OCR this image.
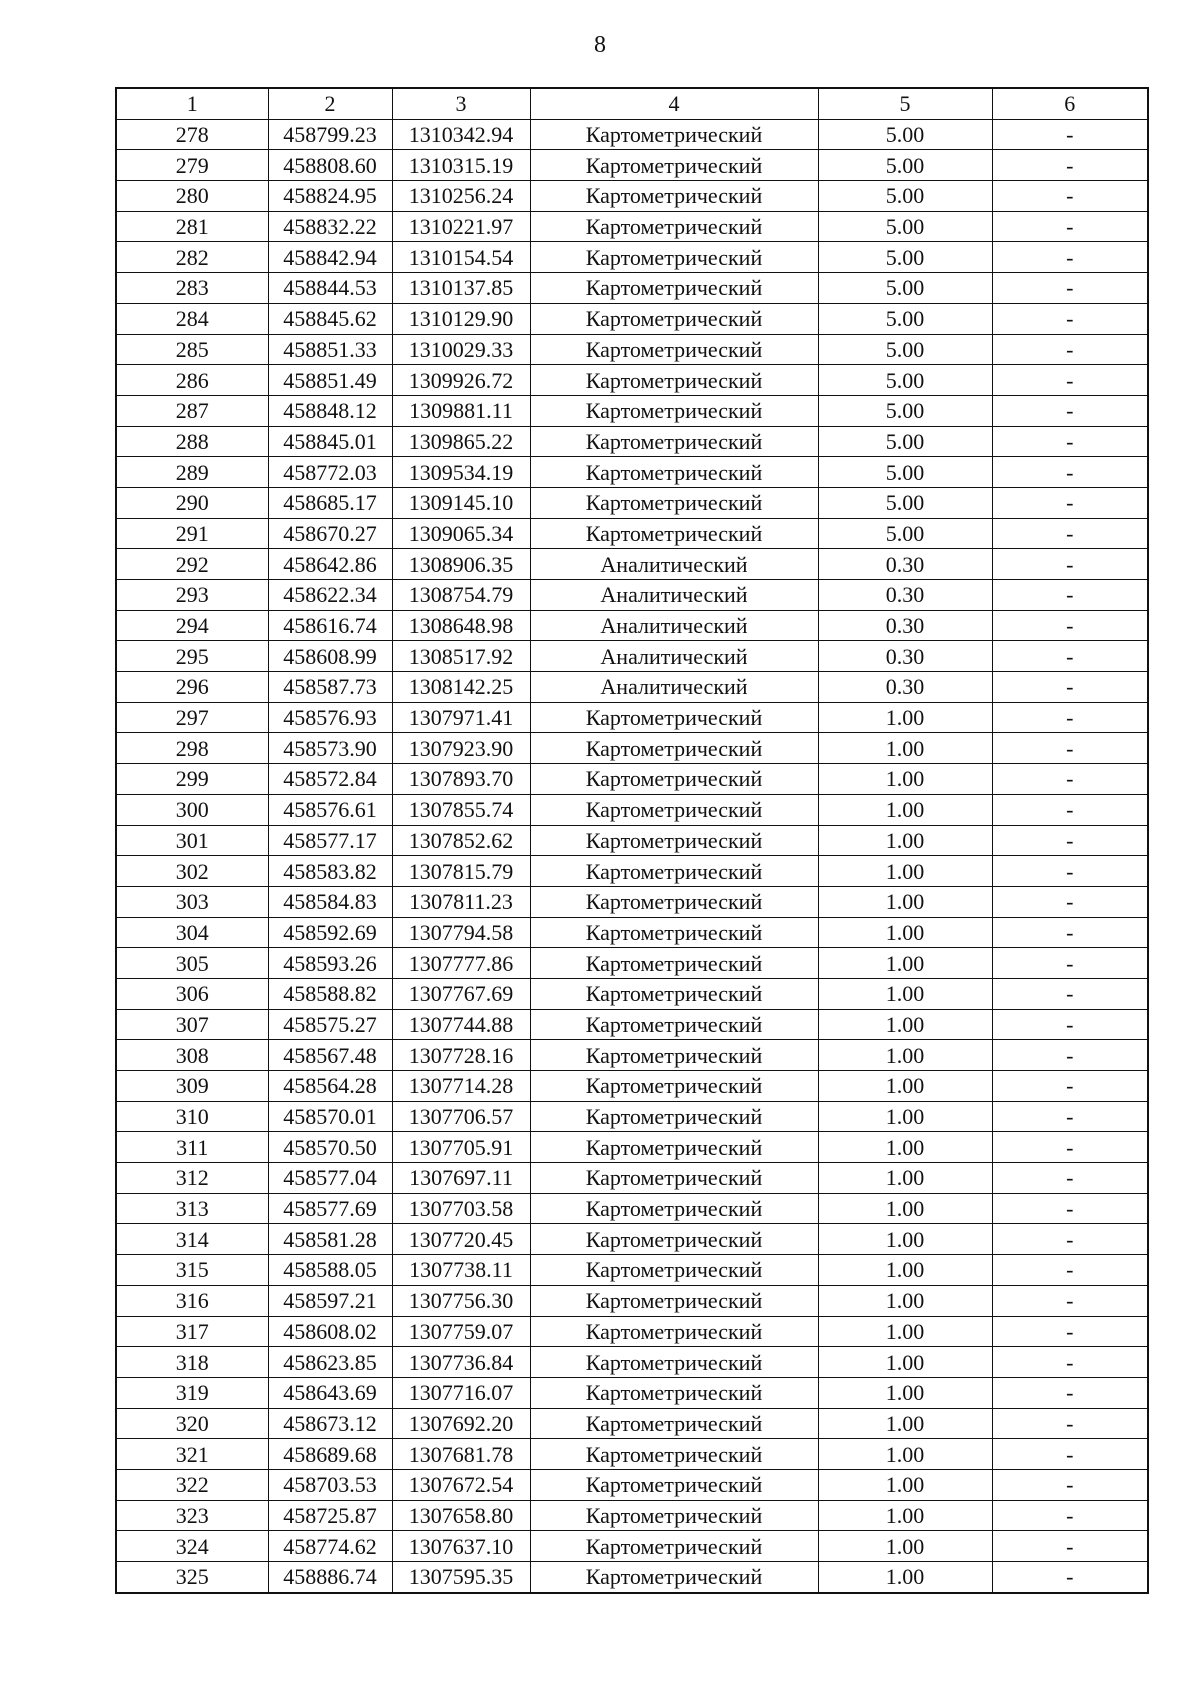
8
1	2	3	4	5	6
278	458799.23	1310342.94	Картометрический	5.00	-
279	458808.60	1310315.19	Картометрический	5.00	-
280	458824.95	1310256.24	Картометрический	5.00	-
281	458832.22	1310221.97	Картометрический	5.00	-
282	458842.94	1310154.54	Картометрический	5.00	-
283	458844.53	1310137.85	Картометрический	5.00	-
284	458845.62	1310129.90	Картометрический	5.00	-
285	458851.33	1310029.33	Картометрический	5.00	-
286	458851.49	1309926.72	Картометрический	5.00	-
287	458848.12	1309881.11	Картометрический	5.00	-
288	458845.01	1309865.22	Картометрический	5.00	-
289	458772.03	1309534.19	Картометрический	5.00	-
290	458685.17	1309145.10	Картометрический	5.00	-
291	458670.27	1309065.34	Картометрический	5.00	-
292	458642.86	1308906.35	Аналитический	0.30	-
293	458622.34	1308754.79	Аналитический	0.30	-
294	458616.74	1308648.98	Аналитический	0.30	-
295	458608.99	1308517.92	Аналитический	0.30	-
296	458587.73	1308142.25	Аналитический	0.30	-
297	458576.93	1307971.41	Картометрический	1.00	-
298	458573.90	1307923.90	Картометрический	1.00	-
299	458572.84	1307893.70	Картометрический	1.00	-
300	458576.61	1307855.74	Картометрический	1.00	-
301	458577.17	1307852.62	Картометрический	1.00	-
302	458583.82	1307815.79	Картометрический	1.00	-
303	458584.83	1307811.23	Картометрический	1.00	-
304	458592.69	1307794.58	Картометрический	1.00	-
305	458593.26	1307777.86	Картометрический	1.00	-
306	458588.82	1307767.69	Картометрический	1.00	-
307	458575.27	1307744.88	Картометрический	1.00	-
308	458567.48	1307728.16	Картометрический	1.00	-
309	458564.28	1307714.28	Картометрический	1.00	-
310	458570.01	1307706.57	Картометрический	1.00	-
311	458570.50	1307705.91	Картометрический	1.00	-
312	458577.04	1307697.11	Картометрический	1.00	-
313	458577.69	1307703.58	Картометрический	1.00	-
314	458581.28	1307720.45	Картометрический	1.00	-
315	458588.05	1307738.11	Картометрический	1.00	-
316	458597.21	1307756.30	Картометрический	1.00	-
317	458608.02	1307759.07	Картометрический	1.00	-
318	458623.85	1307736.84	Картометрический	1.00	-
319	458643.69	1307716.07	Картометрический	1.00	-
320	458673.12	1307692.20	Картометрический	1.00	-
321	458689.68	1307681.78	Картометрический	1.00	-
322	458703.53	1307672.54	Картометрический	1.00	-
323	458725.87	1307658.80	Картометрический	1.00	-
324	458774.62	1307637.10	Картометрический	1.00	-
325	458886.74	1307595.35	Картометрический	1.00	-
